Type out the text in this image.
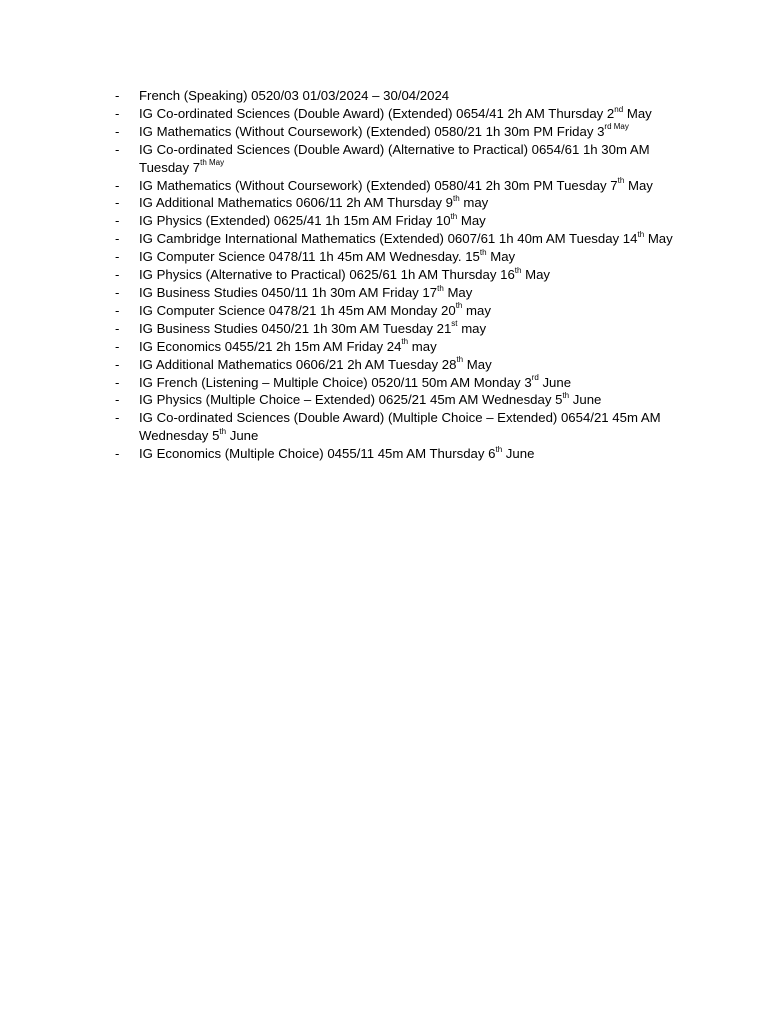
- French (Speaking) 0520/03 01/03/2024 – 30/04/2024
- IG Co-ordinated Sciences (Double Award) (Extended) 0654/41 2h AM Thursday 2nd May
- IG Mathematics (Without Coursework) (Extended) 0580/21 1h 30m PM Friday $3^{rd May}$
- IG Co-ordinated Sciences (Double Award) (Alternative to Practical) 0654/61 1h 30m AM Tuesday $7^{th May}$
- IG Mathematics (Without Coursework) (Extended) 0580/41 2h 30m PM Tuesday 7th May
- IG Additional Mathematics 0606/11 2h AM Thursday 9th may
- IG Physics (Extended) 0625/41 1h 15m AM Friday 10th May
- IG Cambridge International Mathematics (Extended) 0607/61 1h 40m AM Tuesday 14th May
- IG Computer Science 0478/11 1h 45m AM Wednesday. 15th May
- IG Physics (Alternative to Practical) 0625/61 1h AM Thursday 16th May
- IG Business Studies 0450/11 1h 30m AM Friday 17th May
- IG Computer Science 0478/21 1h 45m AM Monday 20th may
- IG Business Studies 0450/21 1h 30m AM Tuesday 21st may
- IG Economics 0455/21 2h 15m AM Friday 24th may
- IG Additional Mathematics 0606/21 2h AM Tuesday 28th May
- IG French (Listening – Multiple Choice) 0520/11 50m AM Monday 3rd June
- IG Physics (Multiple Choice – Extended) 0625/21 45m AM Wednesday 5th June
- IG Co-ordinated Sciences (Double Award) (Multiple Choice – Extended) 0654/21 45m AM Wednesday 5th June
- IG Economics (Multiple Choice) 0455/11 45m AM Thursday 6th June
